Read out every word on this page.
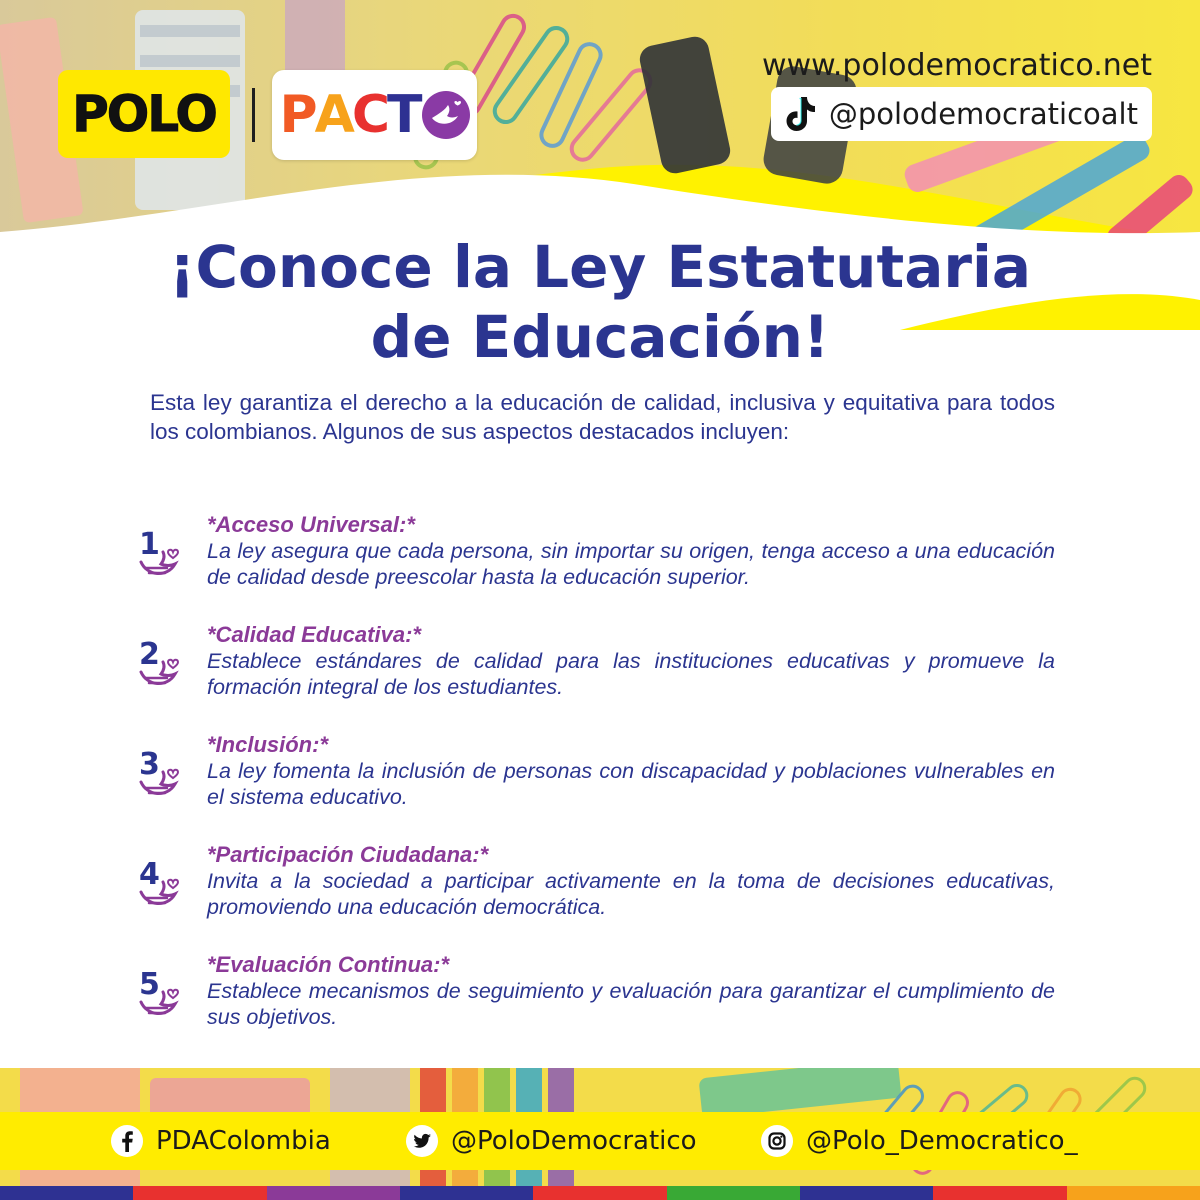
POLO P A C T
www.polodemocratico.net
@polodemocraticoalt
¡Conoce la Ley Estatutaria
de Educación!

Esta ley garantiza el derecho a la educación de calidad, inclusiva y equitativa para todos los colombianos. Algunos de sus aspectos destacados incluyen:

1

*Acceso Universal:*

La ley asegura que cada persona, sin importar su origen, tenga acceso a una educación de calidad desde preescolar hasta la educación superior.

2

*Calidad Educativa:*

Establece estándares de calidad para las instituciones educativas y promueve la formación integral de los estudiantes.

3

*Inclusión:*

La ley fomenta la inclusión de personas con discapacidad y poblaciones vulnerables en el sistema educativo.

4

*Participación Ciudadana:*

Invita a la sociedad a participar activamente en la toma de decisiones educativas, promoviendo una educación democrática.

5

*Evaluación Continua:*

Establece mecanismos de seguimiento y evaluación para garantizar el cumplimiento de sus objetivos.

PDAColombia	@PoloDemocratico	@Polo_Democratico_
